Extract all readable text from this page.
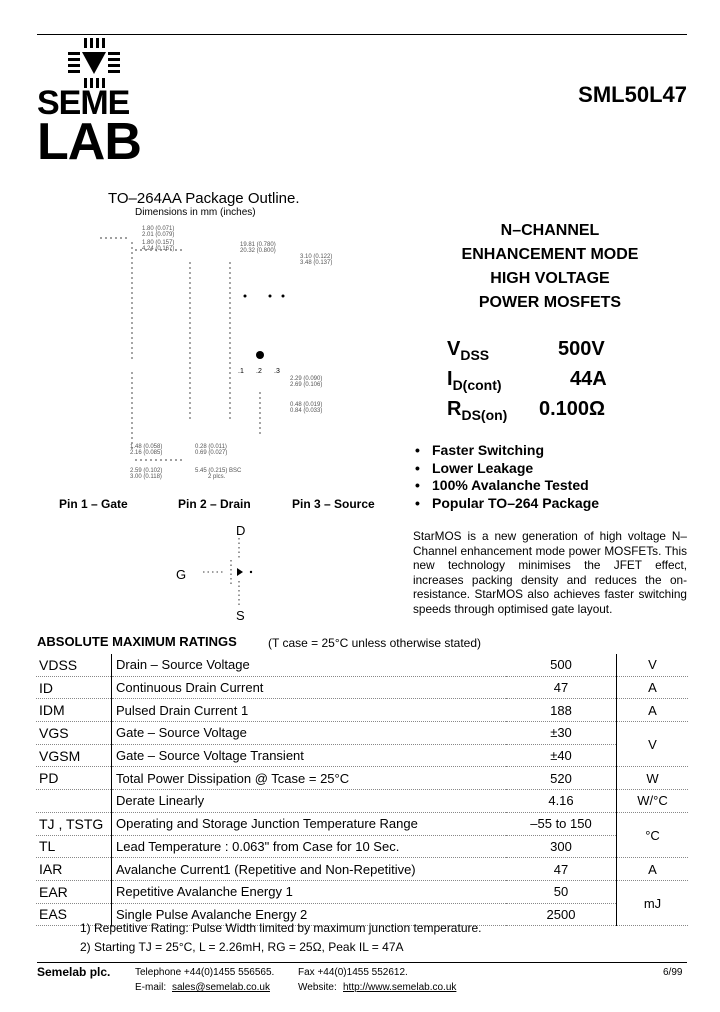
SEME
LAB
SML50L47
TO–264AA Package Outline.
Dimensions in mm (inches)
.1 .2 .3
1.80 (0.071)
2.01 (0.079)
1.80 (0.157)
4.24 (0.167)
19.81 (0.780)
20.32 (0.800)
3.10 (0.122)
3.48 (0.137)
2.29 (0.090)
2.69 (0.106)
0.48 (0.019)
0.84 (0.033)
1.48 (0.058)
2.16 (0.085)
0.28 (0.011)
0.69 (0.027)
2.59 (0.102)
3.00 (0.118)
5.45 (0.215) BSC
2 plcs.
Pin 1 – Gate	Pin 2 – Drain	Pin 3 – Source
D
G
S
N–CHANNEL
ENHANCEMENT MODE
HIGH VOLTAGE
POWER MOSFETS
$V_{DSS}$	500V
$I_{D(cont)}$	44A
$R_{DS(on)}$ 0.100Ω
• Faster Switching
• Lower Leakage
• 100% Avalanche Tested
• Popular TO–264 Package
StarMOS is a new generation of high voltage N–Channel enhancement mode power MOSFETs. This new technology minimises the JFET effect, increases packing density and reduces the on-resistance. StarMOS also achieves faster switching speeds through optimised gate layout.
ABSOLUTE MAXIMUM RATINGS	(T case = 25°C unless otherwise stated)
VDSS	Drain – Source Voltage	500	V
ID	Continuous Drain Current	47	A
IDM	Pulsed Drain Current 1	188	A
VGS	Gate – Source Voltage	±30	V
VGSM	Gate – Source Voltage Transient	±40	
PD	Total Power Dissipation @ Tcase = 25°C	520	W
	Derate Linearly	4.16	W/°C
TJ , TSTG	Operating and Storage Junction Temperature Range	–55 to 150	°C
TL	Lead Temperature : 0.063" from Case for 10 Sec.	300	
IAR	Avalanche Current1 (Repetitive and Non-Repetitive)	47	A
EAR	Repetitive Avalanche Energy 1	50	mJ
EAS	Single Pulse Avalanche Energy 2	2500	
1) Repetitive Rating: Pulse Width limited by maximum junction temperature.
2) Starting TJ = 25°C, L = 2.26mH, RG = 25Ω, Peak IL = 47A
Semelab plc. Telephone +44(0)1455 556565. Fax +44(0)1455 552612.
E-mail: sales@semelab.co.uk	Website: http://www.semelab.co.uk
6/99
